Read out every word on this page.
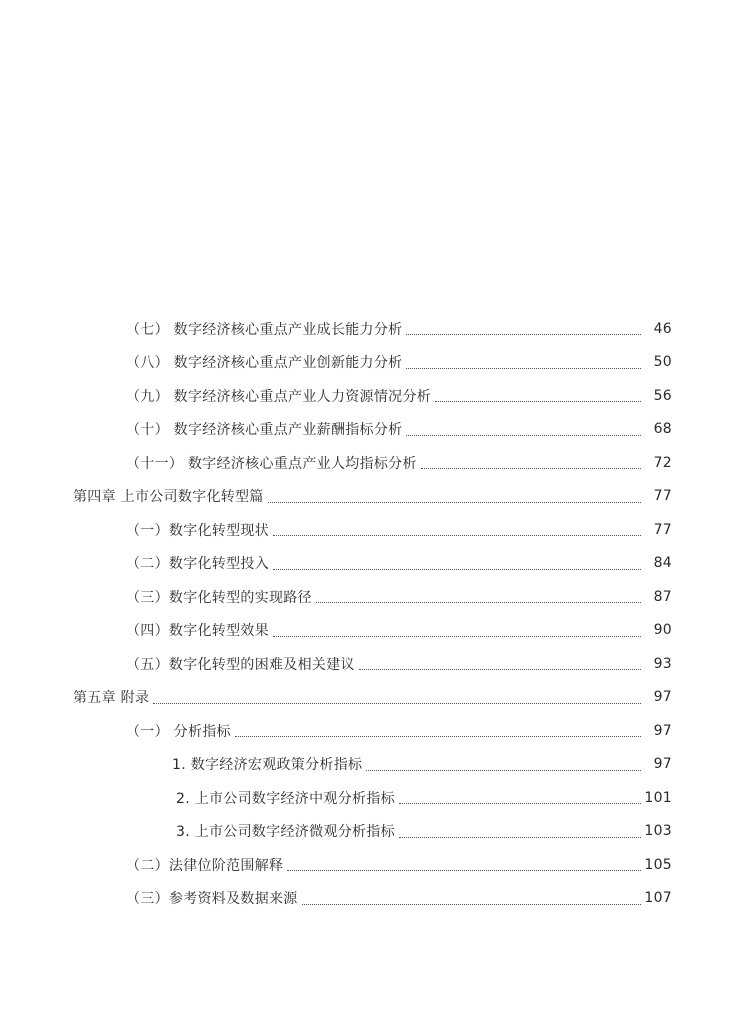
（七） 数字经济核心重点产业成长能力分析	46
（八） 数字经济核心重点产业创新能力分析	50
（九） 数字经济核心重点产业人力资源情况分析	56
（十） 数字经济核心重点产业薪酬指标分析	68
（十一） 数字经济核心重点产业人均指标分析	72
第四章 上市公司数字化转型篇	77
（一）数字化转型现状	77
（二）数字化转型投入	84
（三）数字化转型的实现路径	87
（四）数字化转型效果	90
（五）数字化转型的困难及相关建议	93
第五章 附录	97
（一） 分析指标	97
1. 数字经济宏观政策分析指标	97
2. 上市公司数字经济中观分析指标	101
3. 上市公司数字经济微观分析指标	103
（二）法律位阶范围解释	105
（三）参考资料及数据来源	107
